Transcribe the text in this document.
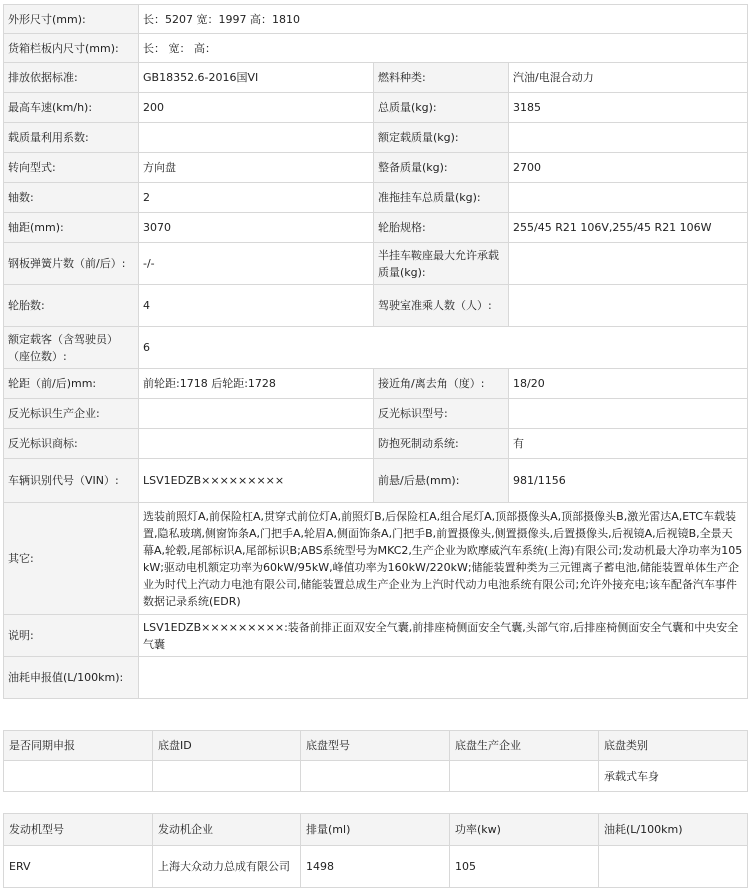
外形尺寸(mm):	长：5207 宽：1997 高：1810		
货箱栏板内尺寸(mm):	长： 宽： 高：		
排放依据标准:	GB18352.6-2016国VI	燃料种类:	汽油/电混合动力
最高车速(km/h):	200	总质量(kg):	3185
载质量利用系数:		额定载质量(kg):	
转向型式:	方向盘	整备质量(kg):	2700
轴数:	2	准拖挂车总质量(kg):	
轴距(mm):	3070	轮胎规格:	255/45 R21 106V,255/45 R21 106W
钢板弹簧片数（前/后）:	-/-	半挂车鞍座最大允许承载质量(kg):	
轮胎数:	4	驾驶室准乘人数（人）:	
额定载客（含驾驶员）（座位数）:	6		
轮距（前/后)mm:	前轮距:1718 后轮距:1728	接近角/离去角（度）:	18/20
反光标识生产企业:		反光标识型号:	
反光标识商标:		防抱死制动系统:	有
车辆识别代号（VIN）:	LSV1EDZB×××××××××	前悬/后悬(mm):	981/1156
其它:	选装前照灯A,前保险杠A,贯穿式前位灯A,前照灯B,后保险杠A,组合尾灯A,顶部摄像头A,顶部摄像头B,激光雷达A,ETC车载装置,隐私玻璃,侧窗饰条A,门把手A,轮眉A,侧面饰条A,门把手B,前置摄像头,侧置摄像头,后置摄像头,后视镜A,后视镜B,全景天幕A,轮毂,尾部标识A,尾部标识B;ABS系统型号为MKC2,生产企业为欧摩威汽车系统(上海)有限公司;发动机最大净功率为105kW;驱动电机额定功率为60kW/95kW,峰值功率为160kW/220kW;储能装置种类为三元锂离子蓄电池,储能装置单体生产企业为时代上汽动力电池有限公司,储能装置总成生产企业为上汽时代动力电池系统有限公司;允许外接充电;该车配备汽车事件数据记录系统(EDR)		
说明:	LSV1EDZB×××××××××:装备前排正面双安全气囊,前排座椅侧面安全气囊,头部气帘,后排座椅侧面安全气囊和中央安全气囊		
油耗申报值(L/100km):			
是否同期申报	底盘ID	底盘型号	底盘生产企业	底盘类别
				承载式车身
发动机型号	发动机企业	排量(ml)	功率(kw)	油耗(L/100km)
ERV	上海大众动力总成有限公司	1498	105	
